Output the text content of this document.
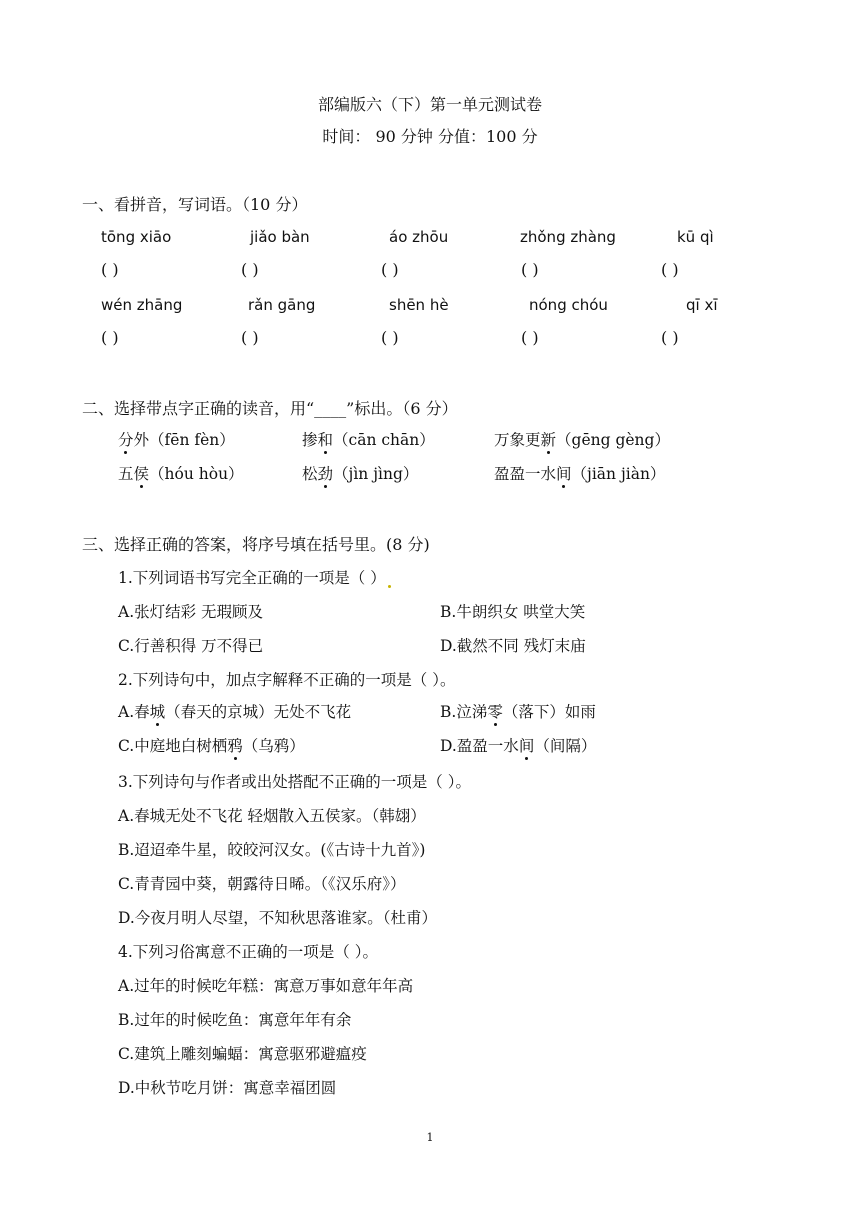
部编版六（下）第一单元测试卷
时间： 90 分钟 分值：100 分
一、看拼音，写词语。（10 分）
tōng xiāo	jiǎo bàn	áo zhōu	zhǒng zhàng	kū qì
( )	( )	( )	( )	( )
wén zhāng	rǎn gāng	shēn hè	nóng chóu	qī xī
( )	( )	( )	( )	( )
二、选择带点字正确的读音，用“____”标出。（6 分）
分外（fēn fèn）	掺和（cān chān）	万象更新（gēng gèng）
五侯（hóu hòu）	松劲（jìn jìng）	盈盈一水间（jiān jiàn）
三、选择正确的答案，将序号填在括号里。(8 分)
1.下列词语书写完全正确的一项是（ ）
A.张灯结彩 无瑕顾及	B.牛朗织女 哄堂大笑
C.行善积得 万不得已	D.截然不同 残灯末庙
2.下列诗句中，加点字解释不正确的一项是（ ）。
A.春城（春天的京城）无处不飞花	B.泣涕零（落下）如雨
C.中庭地白树栖鸦（乌鸦）	D.盈盈一水间（间隔）
3.下列诗句与作者或出处搭配不正确的一项是（ ）。
A.春城无处不飞花 轻烟散入五侯家。（韩翃）
B.迢迢牵牛星，皎皎河汉女。(《古诗十九首》)
C.青青园中葵，朝露待日晞。（《汉乐府》）
D.今夜月明人尽望，不知秋思落谁家。（杜甫）
4.下列习俗寓意不正确的一项是（ ）。
A.过年的时候吃年糕：寓意万事如意年年高
B.过年的时候吃鱼：寓意年年有余
C.建筑上雕刻蝙蝠：寓意驱邪避瘟疫
D.中秋节吃月饼：寓意幸福团圆
1
